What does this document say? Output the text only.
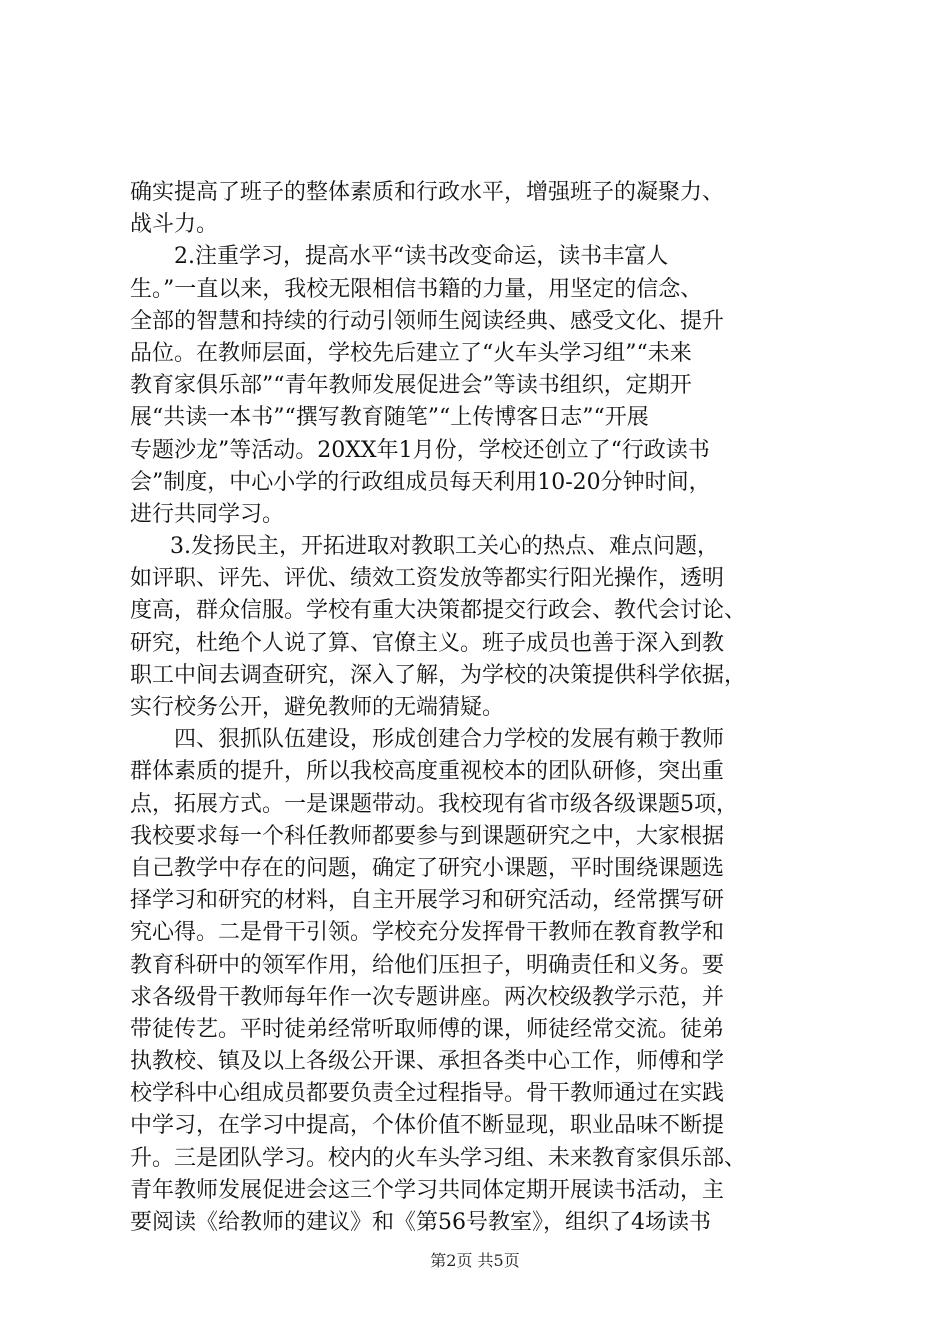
确实提高了班子的整体素质和行政水平，增强班子的凝聚力、
战斗力。
2.注重学习，提高水平“读书改变命运，读书丰富人
生。”一直以来，我校无限相信书籍的力量，用坚定的信念、
全部的智慧和持续的行动引领师生阅读经典、感受文化、提升
品位。在教师层面，学校先后建立了“火车头学习组”“未来
教育家俱乐部”“青年教师发展促进会”等读书组织，定期开
展“共读一本书”“撰写教育随笔”“上传博客日志”“开展
专题沙龙”等活动。20XX年1月份，学校还创立了“行政读书
会”制度，中心小学的行政组成员每天利用10-20分钟时间，
进行共同学习。
3.发扬民主，开拓进取对教职工关心的热点、难点问题，
如评职、评先、评优、绩效工资发放等都实行阳光操作，透明
度高，群众信服。学校有重大决策都提交行政会、教代会讨论、
研究，杜绝个人说了算、官僚主义。班子成员也善于深入到教
职工中间去调查研究，深入了解，为学校的决策提供科学依据，
实行校务公开，避免教师的无端猜疑。
四、狠抓队伍建设，形成创建合力学校的发展有赖于教师
群体素质的提升，所以我校高度重视校本的团队研修，突出重
点，拓展方式。一是课题带动。我校现有省市级各级课题5项，
我校要求每一个科任教师都要参与到课题研究之中，大家根据
自己教学中存在的问题，确定了研究小课题，平时围绕课题选
择学习和研究的材料，自主开展学习和研究活动，经常撰写研
究心得。二是骨干引领。学校充分发挥骨干教师在教育教学和
教育科研中的领军作用，给他们压担子，明确责任和义务。要
求各级骨干教师每年作一次专题讲座。两次校级教学示范，并
带徒传艺。平时徒弟经常听取师傅的课，师徒经常交流。徒弟
执教校、镇及以上各级公开课、承担各类中心工作，师傅和学
校学科中心组成员都要负责全过程指导。骨干教师通过在实践
中学习，在学习中提高，个体价值不断显现，职业品味不断提
升。三是团队学习。校内的火车头学习组、未来教育家俱乐部、
青年教师发展促进会这三个学习共同体定期开展读书活动，主
要阅读《给教师的建议》和《第56号教室》，组织了4场读书
第2页 共5页
